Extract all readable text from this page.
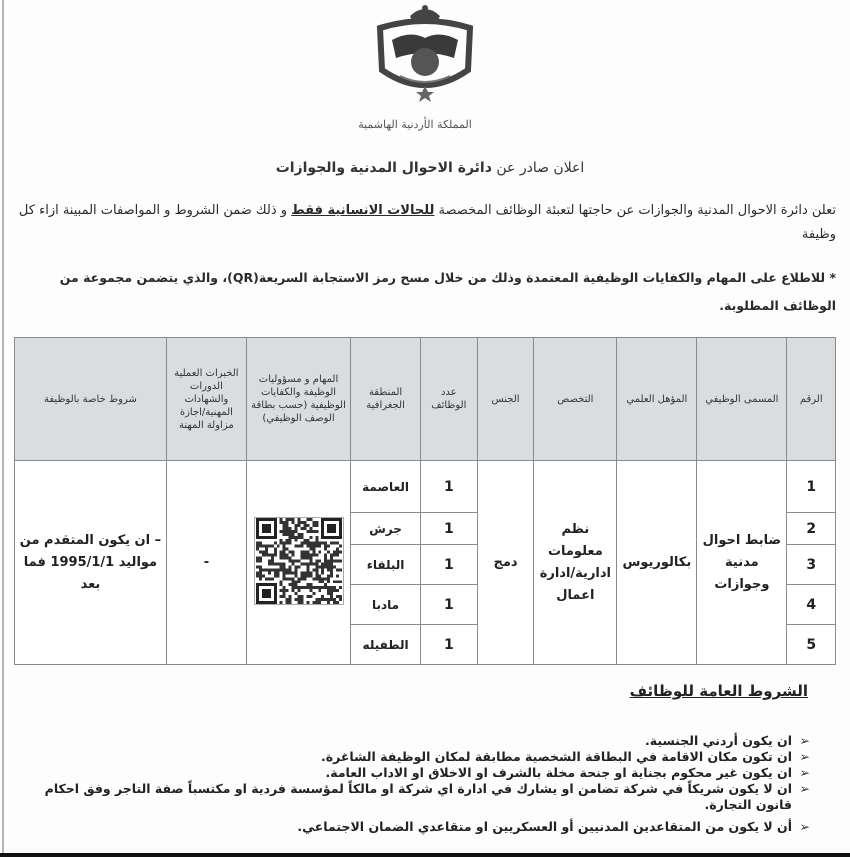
المملكة الأردنية الهاشمية
اعلان صادر عن دائرة الاحوال المدنية والجوازات
تعلن دائرة الاحوال المدنية والجوازات عن حاجتها لتعبئة الوظائف المخصصة للحالات الانسانية فقط و ذلك ضمن الشروط و المواصفات المبينة ازاء كل وظيفة
* للاطلاع على المهام والكفايات الوظيفية المعتمدة وذلك من خلال مسح رمز الاستجابة السريعة(QR)، والذي يتضمن مجموعة من الوظائف المطلوبة.
الرقم	المسمى الوظيفي	المؤهل العلمي	التخصص	الجنس	عدد الوظائف	المنطقة الجغرافية	المهام و مسؤوليات الوظيفة والكفايات الوظيفية (حسب بطاقة الوصف الوظيفي)	الخبرات العملية الدورات والشهادات المهنية/اجازة مزاولة المهنة	شروط خاصة بالوظيفة
1	ضابط احوال مدنية وجوازات	بكالوريوس	نظم معلومات ادارية/ادارة اعمال	دمج	1	العاصمة		-	– ان يكون المتقدم من مواليد 1995/1/1 فما بعد
2					1	جرش			
3					1	البلقاء			
4					1	مادبا			
5					1	الطفيله			
الشروط العامة للوظائف
➢
ان يكون أردني الجنسية.
➢
ان تكون مكان الاقامة في البطاقة الشخصية مطابقة لمكان الوظيفة الشاغرة.
➢
ان يكون غير محكوم بجناية او جنحة مخلة بالشرف او الاخلاق او الاداب العامة.
➢
ان لا يكون شريكاً في شركة تضامن او يشارك في ادارة اي شركة او مالكاً لمؤسسة فردية او مكتسباً صفة التاجر وفق احكام قانون التجارة.
➢
أن لا يكون من المتقاعدين المدنيين أو العسكريين او متقاعدي الضمان الاجتماعي.
